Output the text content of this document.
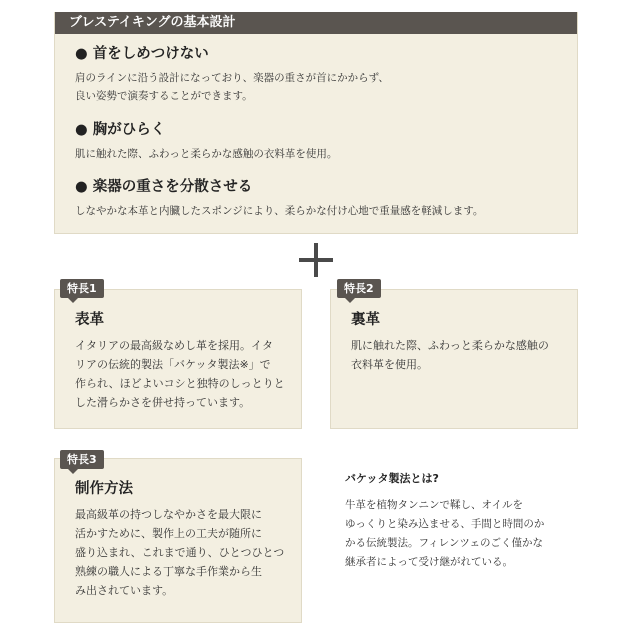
ブレステイキングの基本設計
● 首をしめつけない
肩のラインに沿う設計になっており、楽器の重さが首にかからず、
良い姿勢で演奏することができます。
● 胸がひらく
肌に触れた際、ふわっと柔らかな感触の衣料革を使用。
● 楽器の重さを分散させる
しなやかな本革と内臓したスポンジにより、柔らかな付け心地で重量感を軽減します。
表革
イタリアの最高級なめし革を採用。イタ
リアの伝統的製法「バケッタ製法※」で
作られ、ほどよいコシと独特のしっとりと
した滑らかさを併せ持っています。
特長1
裏革
肌に触れた際、ふわっと柔らかな感触の
衣料革を使用。
特長2
制作方法
最高級革の持つしなやかさを最大限に
活かすために、製作上の工夫が随所に
盛り込まれ、これまで通り、ひとつひとつ
熟練の職人による丁寧な手作業から生
み出されています。
特長3
バケッタ製法とは?
牛革を植物タンニンで鞣し、オイルを
ゆっくりと染み込ませる、手間と時間のか
かる伝統製法。フィレンツェのごく僅かな
継承者によって受け継がれている。
